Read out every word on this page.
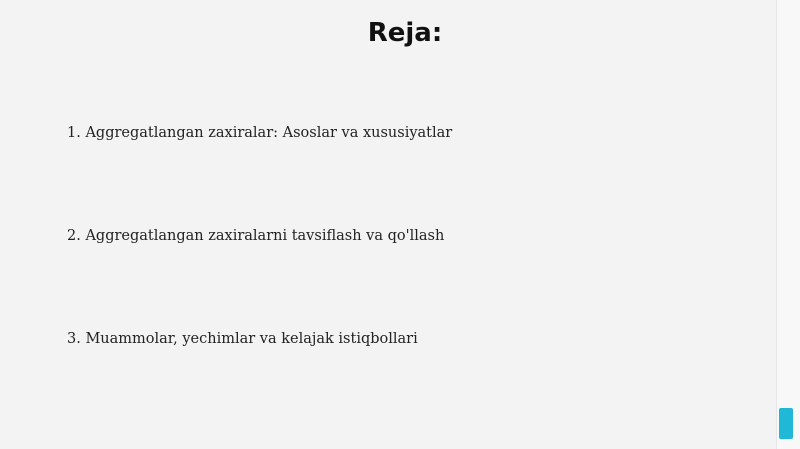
Reja:

1. Aggregatlangan zaxiralar: Asoslar va xususiyatlar

2. Aggregatlangan zaxiralarni tavsiflash va qo'llash

3. Muammolar, yechimlar va kelajak istiqbollari
